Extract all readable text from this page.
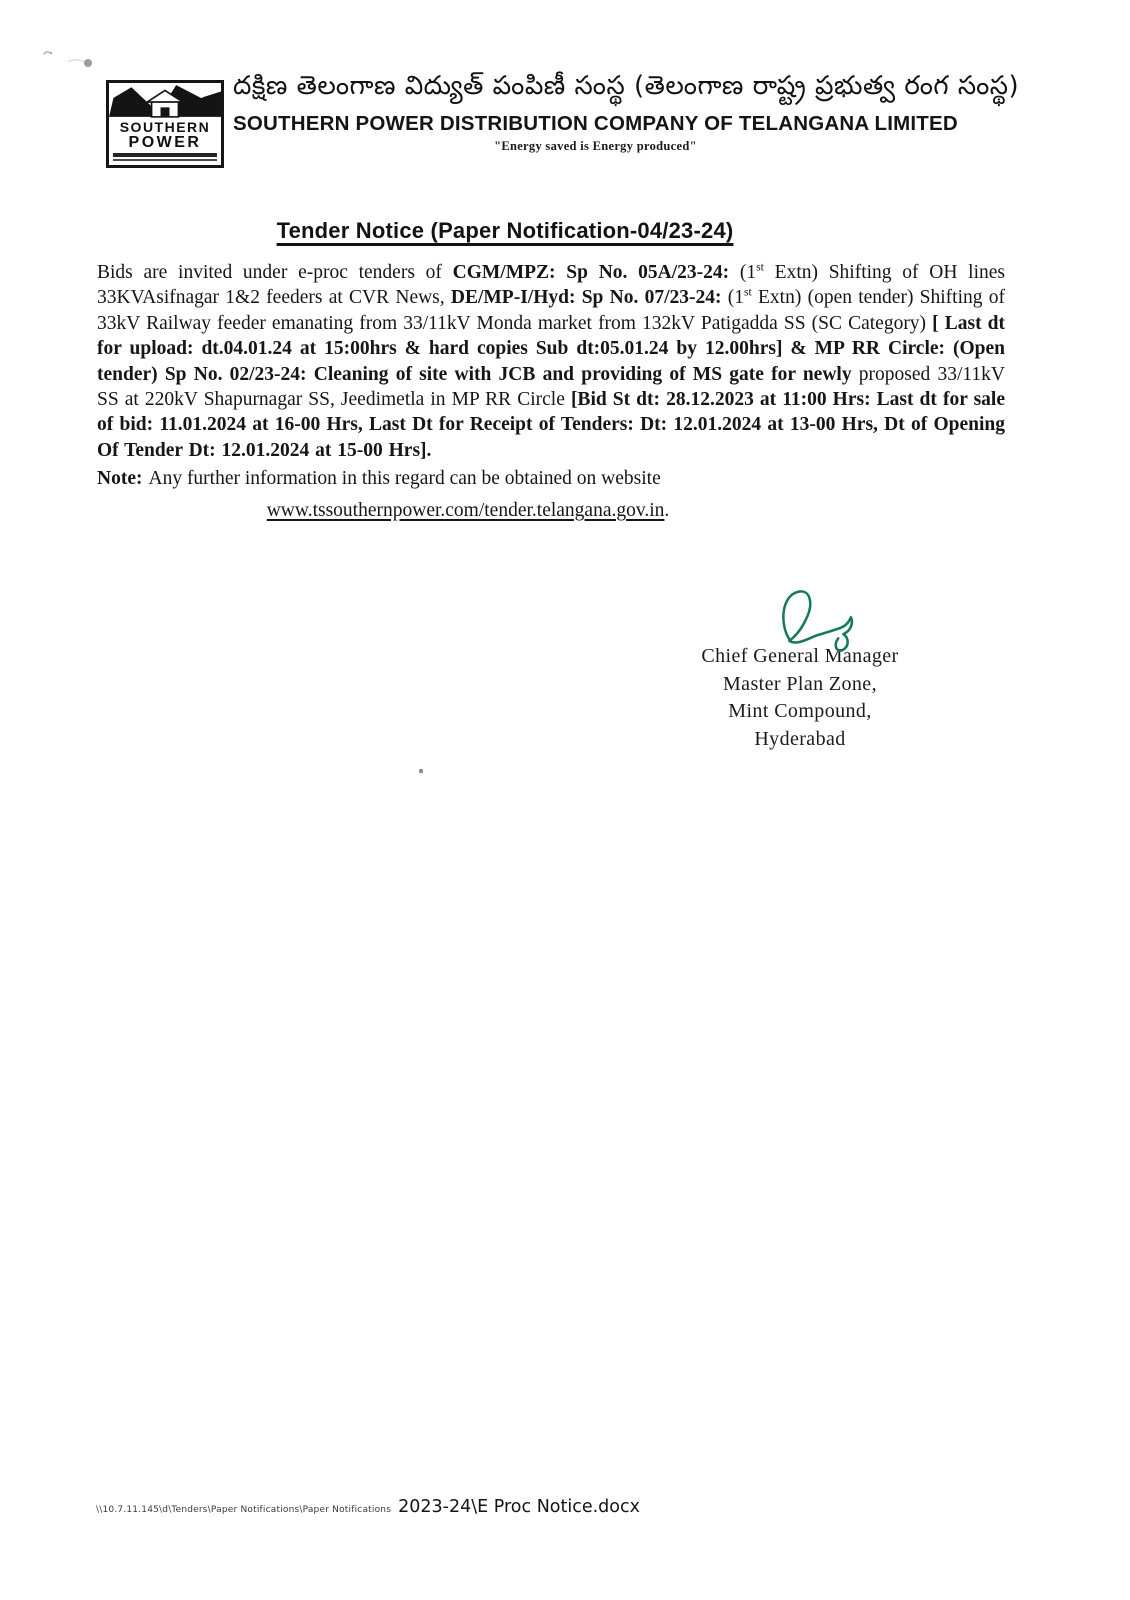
SOUTHERN
POWER
దక్షిణ తెలంగాణ విద్యుత్ పంపిణీ సంస్థ (తెలంగాణ రాష్ట్ర ప్రభుత్వ రంగ సంస్థ)
SOUTHERN POWER DISTRIBUTION COMPANY OF TELANGANA LIMITED
"Energy saved is Energy produced"
Tender Notice (Paper Notification-04/23-24)

Bids are invited under e-proc tenders of CGM/MPZ: Sp No. 05A/23-24: (1st Extn) Shifting of OH lines 33KVAsifnagar 1&2 feeders at CVR News, DE/MP-I/Hyd: Sp No. 07/23-24: (1st Extn) (open tender) Shifting of 33kV Railway feeder emanating from 33/11kV Monda market from 132kV Patigadda SS (SC Category) [ Last dt for upload: dt.04.01.24 at 15:00hrs & hard copies Sub dt:05.01.24 by 12.00hrs] & MP RR Circle: (Open tender) Sp No. 02/23-24: Cleaning of site with JCB and providing of MS gate for newly proposed 33/11kV SS at 220kV Shapurnagar SS, Jeedimetla in MP RR Circle [Bid St dt: 28.12.2023 at 11:00 Hrs: Last dt for sale of bid: 11.01.2024 at 16-00 Hrs, Last Dt for Receipt of Tenders: Dt: 12.01.2024 at 13-00 Hrs, Dt of Opening Of Tender Dt: 12.01.2024 at 15-00 Hrs].

Note: Any further information in this regard can be obtained on website

www.tssouthernpower.com/tender.telangana.gov.in.

Chief General Manager
Master Plan Zone,
Mint Compound,
Hyderabad
\\10.7.11.145\d\Tenders\Paper Notifications\Paper Notifications 2023-24\E Proc Notice.docx
